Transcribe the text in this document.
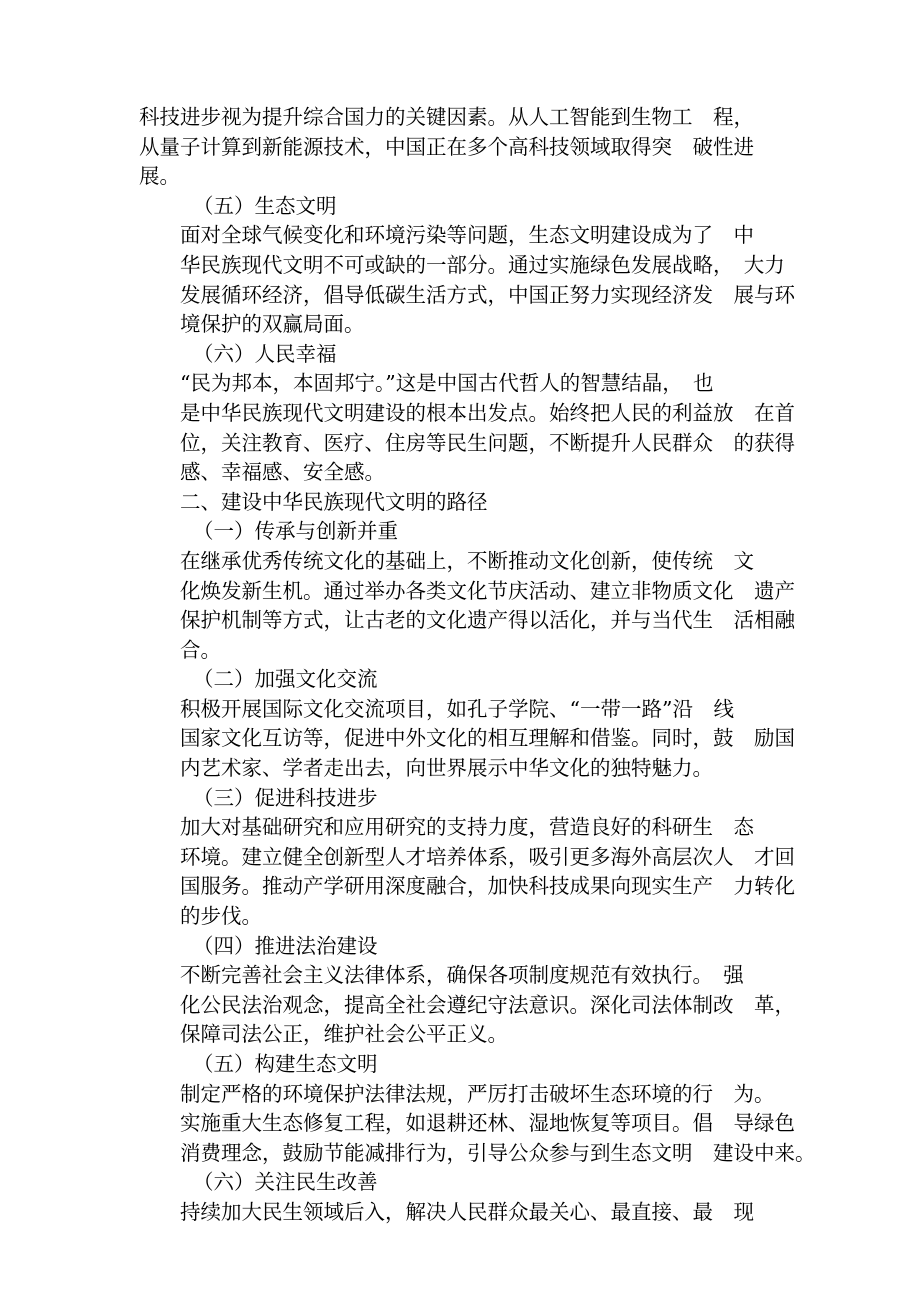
科技进步视为提升综合国力的关键因素。从人工智能到生物工　程，
从量子计算到新能源技术，中国正在多个高科技领域取得突　破性进
展。
（五）生态文明
面对全球气候变化和环境污染等问题，生态文明建设成为了　中
华民族现代文明不可或缺的一部分。通过实施绿色发展战略，　大力
发展循环经济，倡导低碳生活方式，中国正努力实现经济发　展与环
境保护的双赢局面。
（六）人民幸福
“民为邦本，本固邦宁。”这是中国古代哲人的智慧结晶，　也
是中华民族现代文明建设的根本出发点。始终把人民的利益放　在首
位，关注教育、医疗、住房等民生问题，不断提升人民群众　的获得
感、幸福感、安全感。
二、建设中华民族现代文明的路径
（一）传承与创新并重
在继承优秀传统文化的基础上，不断推动文化创新，使传统　文
化焕发新生机。通过举办各类文化节庆活动、建立非物质文化　遗产
保护机制等方式，让古老的文化遗产得以活化，并与当代生　活相融
合。
（二）加强文化交流
积极开展国际文化交流项目，如孔子学院、“一带一路”沿　线
国家文化互访等，促进中外文化的相互理解和借鉴。同时，鼓　励国
内艺术家、学者走出去，向世界展示中华文化的独特魅力。
（三）促进科技进步
加大对基础研究和应用研究的支持力度，营造良好的科研生　态
环境。建立健全创新型人才培养体系，吸引更多海外高层次人　才回
国服务。推动产学研用深度融合，加快科技成果向现实生产　力转化
的步伐。
（四）推进法治建设
不断完善社会主义法律体系，确保各项制度规范有效执行。　强
化公民法治观念，提高全社会遵纪守法意识。深化司法体制改　革，
保障司法公正，维护社会公平正义。
（五）构建生态文明
制定严格的环境保护法律法规，严厉打击破坏生态环境的行　为。
实施重大生态修复工程，如退耕还林、湿地恢复等项目。倡　导绿色
消费理念，鼓励节能减排行为，引导公众参与到生态文明　建设中来。
（六）关注民生改善
持续加大民生领域后入，解决人民群众最关心、最直接、最　现
